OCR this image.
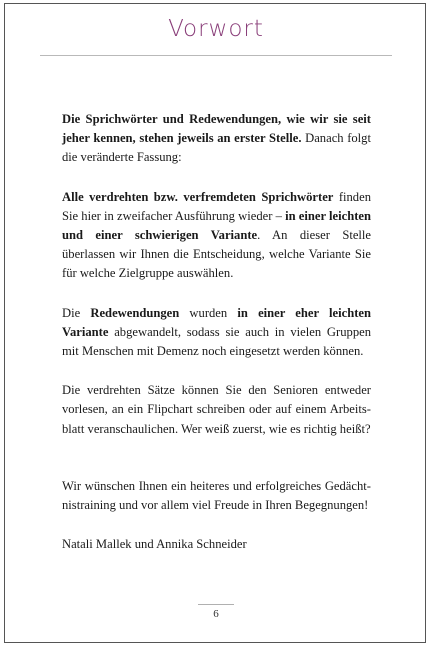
Vorwort

Die Sprichwörter und Redewendungen, wie wir sie seit jeher kennen, stehen jeweils an erster Stelle. Danach folgt die veränderte Fassung:

Alle verdrehten bzw. verfremdeten Sprichwörter finden Sie hier in zweifacher Ausführung wieder – in einer leichten und einer schwierigen Variante. An dieser Stelle überlassen wir Ihnen die Entscheidung, welche Variante Sie für welche Zielgruppe auswählen.

Die Redewendungen wurden in einer eher leichten Variante abgewandelt, sodass sie auch in vielen Gruppen mit Menschen mit Demenz noch eingesetzt werden können.

Die verdrehten Sätze können Sie den Senioren entweder vorlesen, an ein Flipchart schreiben oder auf einem Arbeitsblatt veranschaulichen. Wer weiß zuerst, wie es richtig heißt?

Wir wünschen Ihnen ein heiteres und erfolgreiches Gedächtnistraining und vor allem viel Freude in Ihren Begegnungen!

Natali Mallek und Annika Schneider

6
